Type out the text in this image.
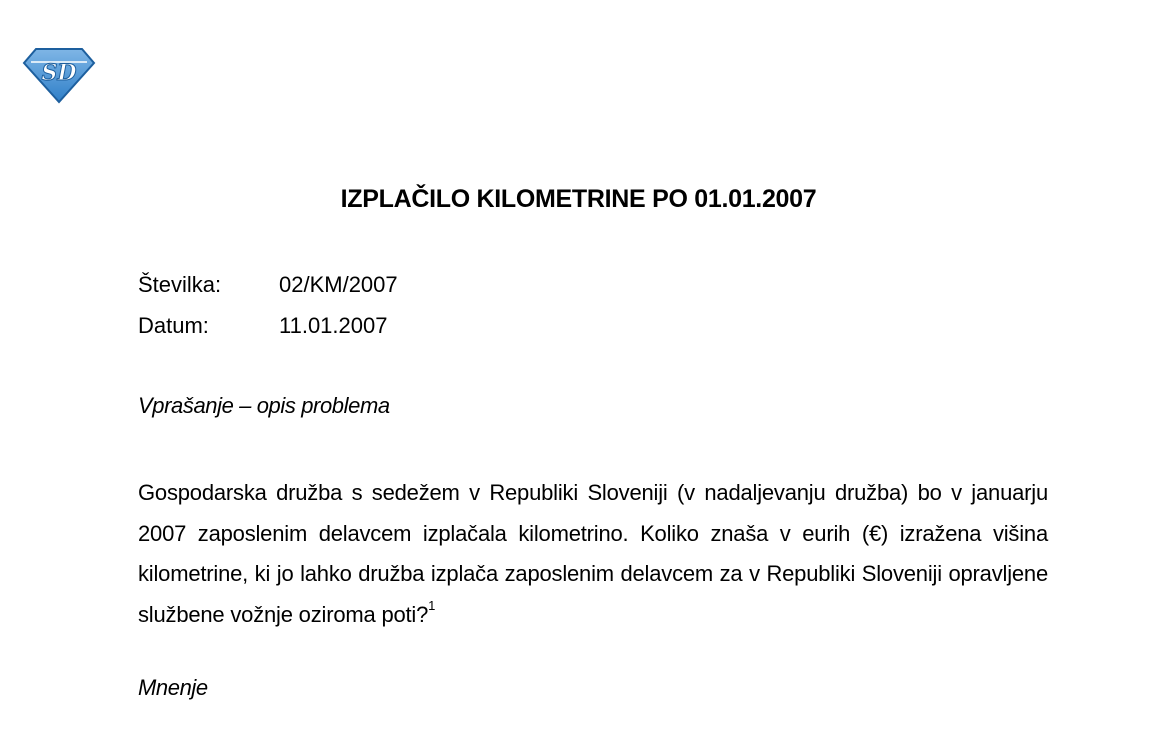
SD
IZPLAČILO KILOMETRINE PO 01.01.2007
Številka:	02/KM/2007
Datum:	11.01.2007
Vprašanje – opis problema
Gospodarska družba s sedežem v Republiki Sloveniji (v nadaljevanju družba) bo v januarju 2007 zaposlenim delavcem izplačala kilometrino. Koliko znaša v eurih (€) izražena višina kilometrine, ki jo lahko družba izplača zaposlenim delavcem za v Republiki Sloveniji opravljene službene vožnje oziroma poti?$^1$
Mnenje
